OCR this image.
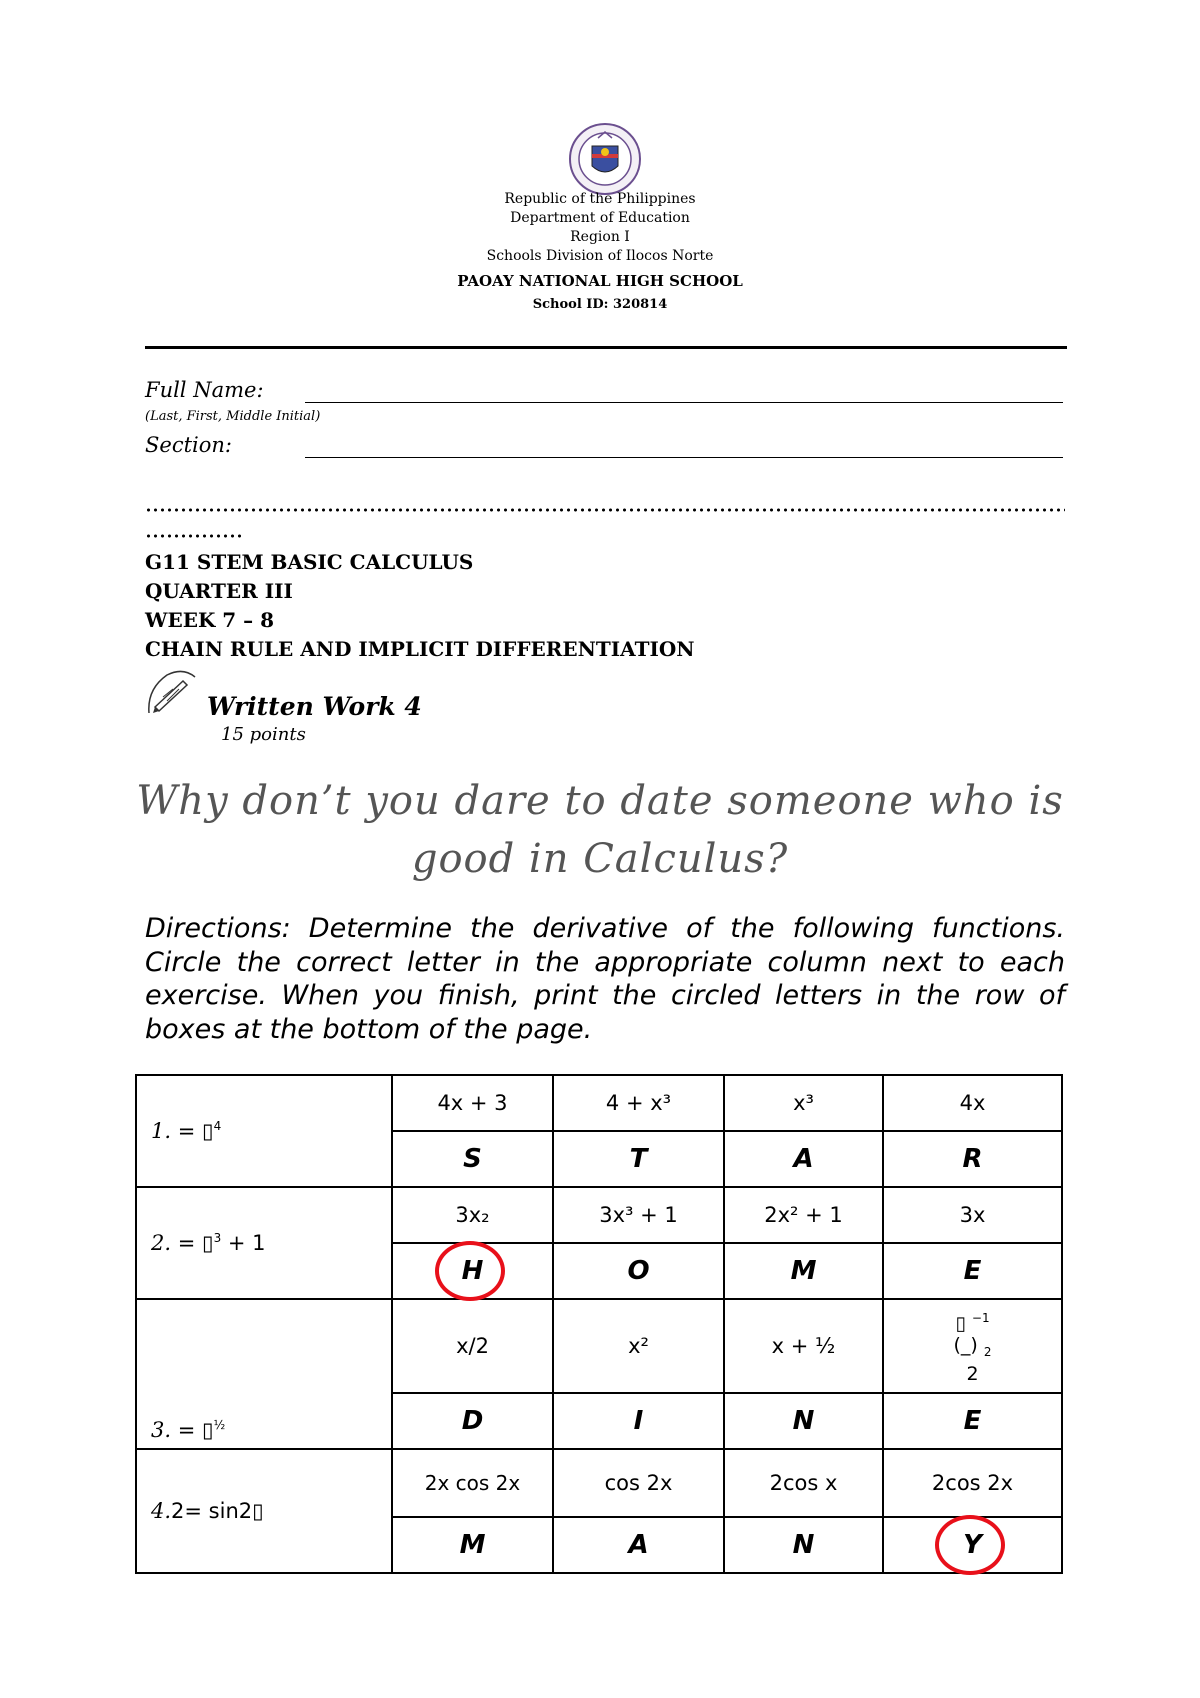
Republic of the Philippines
Department of Education
Region I
Schools Division of Ilocos Norte
PAOAY NATIONAL HIGH SCHOOL
School ID: 320814
Full Name:
(Last, First, Middle Initial)
Section:
G11 STEM BASIC CALCULUS
QUARTER III
WEEK 7 – 8
CHAIN RULE AND IMPLICIT DIFFERENTIATION
Written Work 4
15 points
Why don’t you dare to date someone who is
good in Calculus?
Directions: Determine the derivative of the following functions. Circle the correct letter in the appropriate column next to each exercise. When you finish, print the circled letters in the row of boxes at the bottom of the page.
1. = ▯$^4$	4x + 3	4 + x³	x³	4x
	S	T	A	R
2. = ▯$^3$ + 1	3x₂	3x³ + 1	2x² + 1	3x
	H	O	M	E
3. = ▯$^{\frac{1}{2}}$	x/2	x²	x + ½	▯ $^{-1}$
(_) $_2$
2

	D	I	N	E
4.2= sin2▯	2x cos 2x	cos 2x	2cos x	2cos 2x
	M	A	N	Y
